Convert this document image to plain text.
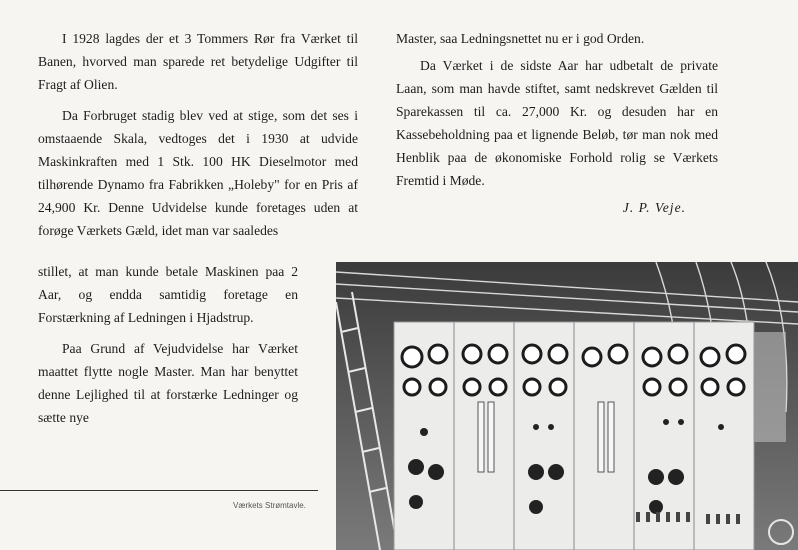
I 1928 lagdes der et 3 Tommers Rør fra Værket til Banen, hvorved man sparede ret betydelige Udgifter til Fragt af Olien.

Da Forbruget stadig blev ved at stige, som det ses i omstaaende Skala, vedtoges det i 1930 at udvide Maskinkraften med 1 Stk. 100 HK Dieselmotor med tilhørende Dynamo fra Fabrikken „Holeby" for en Pris af 24,900 Kr. Denne Udvidelse kunde foretages uden at forøge Værkets Gæld, idet man var saaledes

stillet, at man kunde betale Maskinen paa 2 Aar, og endda samtidig foretage en Forstærkning af Ledningen i Hjadstrup.

Paa Grund af Vejudvidelse har Værket maattet flytte nogle Master. Man har benyttet denne Lejlighed til at forstærke Ledninger og sætte nye

Master, saa Ledningsnettet nu er i god Orden.

Da Værket i de sidste Aar har udbetalt de private Laan, som man havde stiftet, samt nedskrevet Gælden til Sparekassen til ca. 27,000 Kr. og desuden har en Kassebeholdning paa et lignende Beløb, tør man nok med Henblik paa de økonomiske Forhold rolig se Værkets Fremtid i Møde.

J. P. Veje.
Værkets Strømtavle.
